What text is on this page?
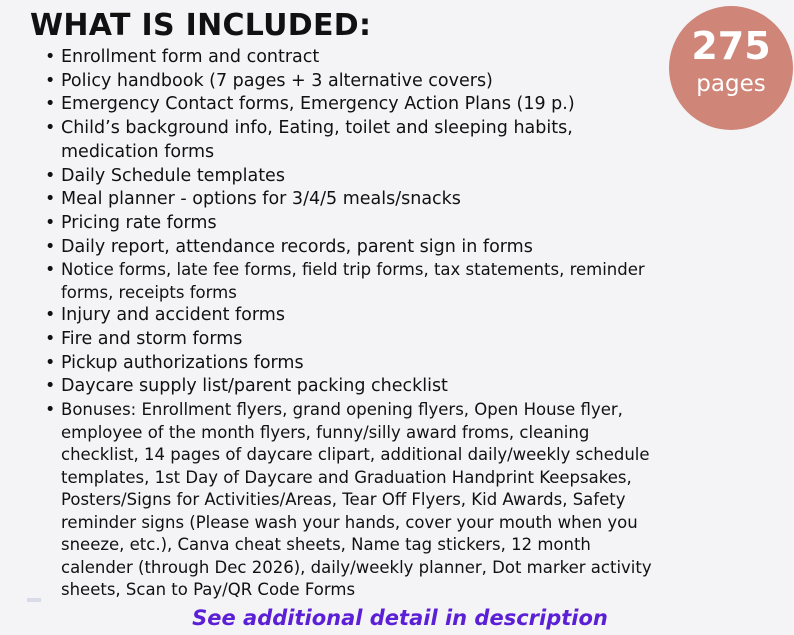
WHAT IS INCLUDED:	275
pages
• Enrollment form and contract
• Policy handbook (7 pages + 3 alternative covers)
• Emergency Contact forms, Emergency Action Plans (19 p.)
• Child’s background info, Eating, toilet and sleeping habits,
medication forms
• Daily Schedule templates
• Meal planner - options for 3/4/5 meals/snacks
• Pricing rate forms
• Daily report, attendance records, parent sign in forms
• Notice forms, late fee forms, field trip forms, tax statements, reminder
forms, receipts forms
• Injury and accident forms
• Fire and storm forms
• Pickup authorizations forms
• Daycare supply list/parent packing checklist
• Bonuses: Enrollment flyers, grand opening flyers, Open House flyer,
employee of the month flyers, funny/silly award froms, cleaning
checklist, 14 pages of daycare clipart, additional daily/weekly schedule
templates, 1st Day of Daycare and Graduation Handprint Keepsakes,
Posters/Signs for Activities/Areas, Tear Off Flyers, Kid Awards, Safety
reminder signs (Please wash your hands, cover your mouth when you
sneeze, etc.), Canva cheat sheets, Name tag stickers, 12 month
calender (through Dec 2026), daily/weekly planner, Dot marker activity
sheets, Scan to Pay/QR Code Forms
See additional detail in description
